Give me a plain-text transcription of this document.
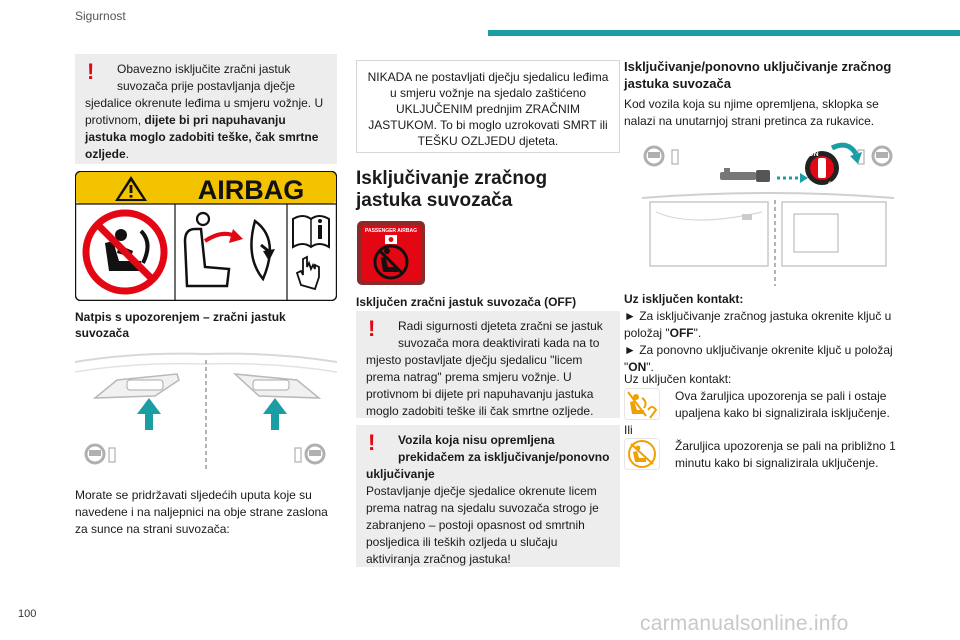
Sigurnost
!	Obavezno isključite zračni jastuk
suvozača prije postavljanja dječje
sjedalice okrenute leđima u smjeru vožnje. U
protivnom, dijete bi pri napuhavanju
jastuka moglo zadobiti teške, čak smrtne
ozljede.
AIRBAG
Natpis s upozorenjem – zračni jastuk suvozača
Morate se pridržavati sljedećih uputa koje su navedene i na naljepnici na obje strane zaslona za sunce na strani suvozača:
NIKADA ne postavljati dječju sjedalicu leđima u smjeru vožnje na sjedalo zaštićeno UKLJUČENIM prednjim ZRAČNIM JASTUKOM. To bi moglo uzrokovati SMRT ili TEŠKU OZLJEDU djeteta.
Isključivanje zračnog jastuka suvozača
PASSENGER AIRBAG
Isključen zračni jastuk suvozača (OFF)
!	Radi sigurnosti djeteta zračni se jastuk
suvozača mora deaktivirati kada na to
mjesto postavljate dječju sjedalicu "licem prema natrag" prema smjeru vožnje. U protivnom bi dijete pri napuhavanju jastuka moglo zadobiti teške ili čak smrtne ozljede.
!	Vozila koja nisu opremljena
prekidačem za isključivanje/ponovno
uključivanje
Postavljanje dječje sjedalice okrenute licem prema natrag na sjedalu suvozača strogo je zabranjeno – postoji opasnost od smrtnih posljedica ili teških ozljeda u slučaju aktiviranja zračnog jastuka!
Isključivanje/ponovno uključivanje zračnog jastuka suvozača
Kod vozila koja su njime opremljena, sklopka se nalazi na unutarnjoj strani pretinca za rukavice.
ON
OFF
Uz isključen kontakt:
► Za isključivanje zračnog jastuka okrenite ključ u položaj "OFF".
► Za ponovno uključivanje okrenite ključ u položaj "ON".
Uz uključen kontakt:
Ova žaruljica upozorenja se pali i ostaje upaljena kako bi signalizirala isključenje.
Ili
Žaruljica upozorenja se pali na približno 1 minutu kako bi signalizirala uključenje.
100	carmanualsonline.info
